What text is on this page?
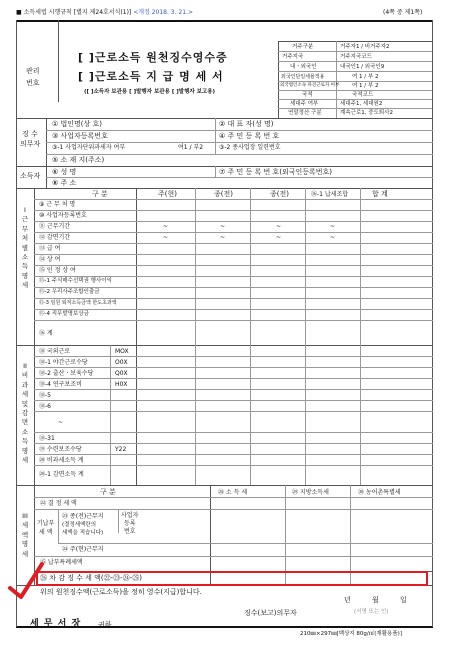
■ 소득세법 시행규칙 [별지 제24호서식(1)] <개정 2018. 3. 21.>	(4쪽 중 제1쪽)
관리
번호
[ ]근로소득 원천징수영수증
[ ]근로소득 지 급 명 세 서
([ ]소득자 보관용 [ ]발행자 보관용 [ ]발행자 보고용)
거주구분	거주자1 / 비거주자2
거주지국	거주지국코드
내ㆍ외국인	내국인1 / 외국인9
외국인단일세율적용	여 1 / 부 2
외국법인소속 파견근로자 여부 여 1 / 부 2
국적	국적코드
세대주 여부	세대주1, 세대원2
연말정산 구분	계속근로1, 중도퇴사2
징 수
의무자
① 법인명(상 호)	② 대 표 자(성 명)
③ 사업자등록번호	④ 주 민 등 록 번 호
③-1 사업자단위과세자 여부	여1 / 부2	③-2 종사업장 일련번호
⑤ 소 재 지(주소)
소득자 ⑥ 성 명	⑦ 주 민 등 록 번 호(외국인등록번호)
⑧ 주 소
I근무처별소득명세
구 분	주(현)	종(전)	종(전)	⑯-1 납세조합	합 계
⑨ 근 무 처 명
⑩ 사업자등록번호
⑪ 근무기간	~	~	~	~
⑫ 감면기간	~	~	~	~
⑬ 급 여
⑭ 상 여
⑮ 인 정 상 여
⑮-1 주식매수선택권 행사이익
⑮-2 우리사주조합인출금
⑮-3 임원 퇴직소득금액 한도초과액
⑮-4 직무발명보상금
⑯ 계
II비과세및감면소득명세
⑱ 국외근로	MOX
⑱-1 야간근로수당	O0X
⑱-2 출산ㆍ보육수당	Q0X
⑱-4 연구보조비	H0X
⑱-5
⑱-6
~
⑱-31
⑲ 수련보조수당	Y22
⑳ 비과세소득 계
⑳-1 감면소득 계
III세액명세
구 분	㉘ 소 득 세	㉙ 지방소득세	㉚ 농어촌특별세
㉒ 결 정 세 액
기납부
세 액
㉓ 종(전)근무지
(결정세액란의
세액을 적습니다)
사업자
등록
번호
㉔ 주(현)근무지
㉕ 납부특례세액
㉖ 차 감 징 수 세 액(㉒-㉓-㉔-㉕)
위의 원천징수액(근로소득)을 정히 영수(지급)합니다.
년	월	일
징수(보고)의무자	(서명 또는 인)
세 무 서 장 귀하
210㎜×297㎜[백상지 80g/㎡(재활용품)]
